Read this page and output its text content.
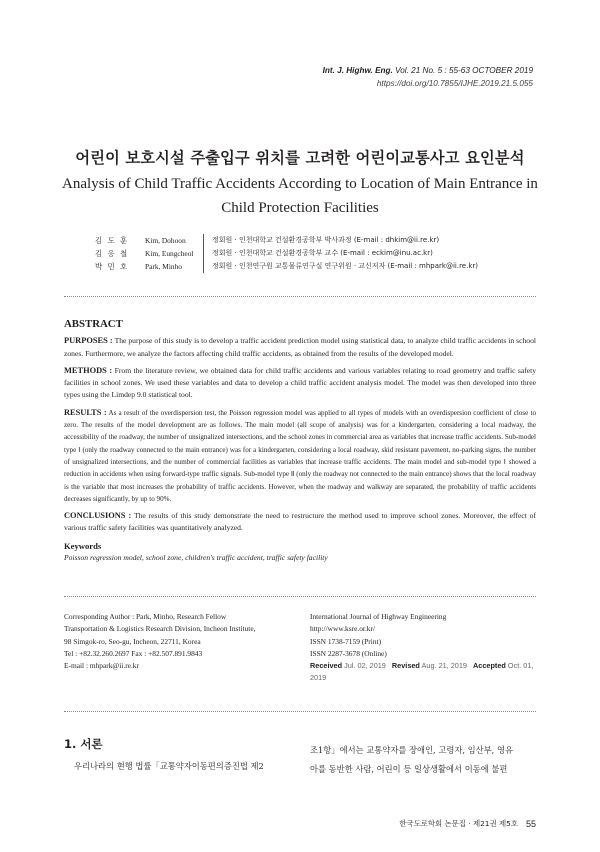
Int. J. Highw. Eng. Vol. 21 No. 5 : 55-63 OCTOBER 2019
https://doi.org/10.7855/IJHE.2019.21.5.055
어린이 보호시설 주출입구 위치를 고려한 어린이교통사고 요인분석
Analysis of Child Traffic Accidents According to Location of Main Entrance in
Child Protection Facilities
김 도 훈	Kim, Dohoon	정회원 · 인천대학교 건설환경공학부 박사과정 (E-mail : dhkim@ii.re.kr)
김 응 철	Kim, Eungcheol	정회원 · 인천대학교 건설환경공학부 교수 (E-mail : eckim@inu.ac.kr)
박 민 호	Park, Minho	정회원 · 인천연구원 교통물류연구실 연구위원 · 교신저자 (E-mail : mhpark@ii.re.kr)
ABSTRACT

PURPOSES : The purpose of this study is to develop a traffic accident prediction model using statistical data, to analyze child traffic accidents in school zones. Furthermore, we analyze the factors affecting child traffic accidents, as obtained from the results of the developed model.

METHODS : From the literature review, we obtained data for child traffic accidents and various variables relating to road geometry and traffic safety facilities in school zones. We used these variables and data to develop a child traffic accident analysis model. The model was then developed into three types using the Limdep 9.0 statistical tool.

RESULTS : As a result of the overdispersion test, the Poisson regression model was applied to all types of models with an overdispersion coefficient of close to zero. The results of the model development are as follows. The main model (all scope of analysis) was for a kindergarten, considering a local roadway, the accessibility of the roadway, the number of unsignalized intersections, and the school zones in commercial area as variables that increase traffic accidents. Sub-model type Ⅰ (only the roadway connected to the main entrance) was for a kindergarten, considering a local roadway, skid resistant pavement, no-parking signs, the number of unsignalized intersections, and the number of commercial facilities as variables that increase traffic accidents. The main model and sub-model type Ⅰ showed a reduction in accidents when using forward-type traffic signals. Sub-model type Ⅱ (only the roadway not connected to the main entrance) shows that the local roadway is the variable that most increases the probability of traffic accidents. However, when the roadway and walkway are separated, the probability of traffic accidents decreases significantly, by up to 90%.

CONCLUSIONS : The results of this study demonstrate the need to restructure the method used to improve school zones. Moreover, the effect of various traffic safety facilities was quantitatively analyzed.

Keywords
Poisson regression model, school zone, children's traffic accident, traffic safety facility
Corresponding Author : Park, Minho, Research Fellow
Transportation & Logistics Research Division, Incheon Institute,
98 Simgok-ro, Seo-gu, Incheon, 22711, Korea
Tel : +82.32.260.2697 Fax : +82.507.891.9843
E-mail : mhpark@ii.re.kr
International Journal of Highway Engineering
http://www.ksre.or.kr/
ISSN 1738-7159 (Print)
ISSN 2287-3678 (Online)
Received Jul. 02, 2019 Revised Aug. 21, 2019 Accepted Oct. 01, 2019
1. 서론
우리나라의 현행 법률「교통약자이동편의증진법 제2
조1항」에서는 교통약자를 장애인, 고령자, 임산부, 영유
아를 동반한 사람, 어린이 등 일상생활에서 이동에 불편
한국도로학회 논문집 · 제21권 제5호 55
